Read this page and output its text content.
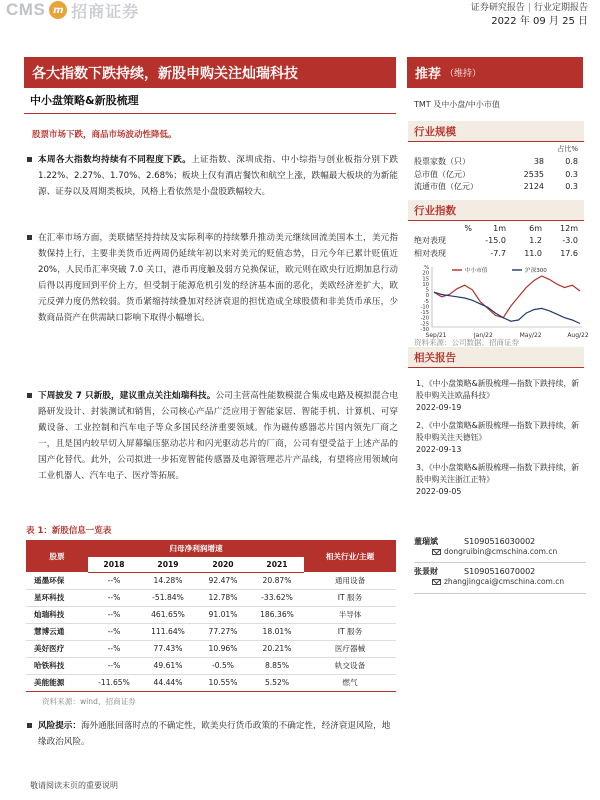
CMS m 招商证券	证券研究报告 | 行业定期报告
2022 年 09 月 25 日
各大指数下跌持续，新股申购关注灿瑞科技	推荐 （维持）
中小盘策略&新股梳理	TMT 及中小盘/中小市值
股票市场下跌，商品市场波动性降低。
本周各大指数均持续有不同程度下跌。上证指数、深圳成指、中小综指与创业板指分别下跌 1.22%、2.27%、1.70%、2.68%；板块上仅有酒店餐饮和航空上涨，跌幅最大板块的为新能源、证券以及周期类板块，风格上看依然是小盘股跌幅较大。
在汇率市场方面，美联储坚持持续及实际利率的持续攀升推动美元继续回流美国本土，美元指数保持上行，主要非美货币近两周仍延续年初以来对美元的贬值态势，日元今年已累计贬值近 20%，人民币汇率突破 7.0 关口，港币再度触及弱方兑换保证，欧元则在欧央行近期加息行动后得以再度回到平价上方，但受制于能源危机引发的经济基本面的恶化，美欧经济差扩大，欧元反弹力度仍然较弱。货币紧缩持续叠加对经济衰退的担忧造成全球股债和非美货币承压，少数商品资产在供需缺口影响下取得小幅增长。
下周披发 7 只新股，建议重点关注灿瑞科技。公司主营高性能数模混合集成电路及模拟混合电路研发设计、封装测试和销售，公司核心产品广泛应用于智能家居、智能手机、计算机、可穿戴设备、工业控制和汽车电子等众多国民经济重要领域。作为磁传感器芯片国内领先厂商之一，且是国内较早切入屏幕编压驱动芯片和闪光驱动芯片的厂商，公司有望受益于上述产品的国产化替代。此外，公司拟进一步拓宽智能传感器及电源管理芯片产品线，有望将应用领域向工业机器人、汽车电子、医疗等拓展。
表 1：新股信息一览表
股票	归母净利润增速				相关行业/主题
	2018	2019	2020	2021	
遥墨环保	--%	14.28%	92.47%	20.87%	通用设备
星环科技	--%	-51.84%	12.78%	-33.62%	IT 服务
灿瑞科技	--%	461.65%	91.01%	186.36%	半导体
慧博云通	--%	111.64%	77.27%	18.01%	IT 服务
美好医疗	--%	77.43%	10.96%	20.21%	医疗器械
哈铁科技	--%	49.61%	-0.5%	8.85%	轨交设备
美能能源	-11.65%	44.44%	10.55%	5.52%	燃气
资料来源：wind、招商证券
风险提示：海外通胀回落时点的不确定性，欧美央行货币政策的不确定性，经济衰退风险，地缘政治风险。
敬请阅读末页的重要说明
行业规模
		占比%
股票家数（只）	38	0.8
总市值（亿元）	2535	0.3
流通市值（亿元）	2124	0.3
行业指数
%	1m	6m	12m
绝对表现	-15.0	1.2	-3.0
相对表现	-7.7	11.0	17.6
%
20
15
10
5
0
-5
-10
-15
-20
-25
-30
Sep/21	Jan/22	May/22	Aug/22
中小市值	沪深300
资料来源：公司数据、招商证券
相关报告
1、《中小盘策略&新股梳理—指数下跌持续，新股申购关注欧晶科技》
2022-09-19
2、《中小盘策略&新股梳理—指数下跌持续，新股申购关注天德钰》
2022-09-13
3、《中小盘策略&新股梳理—指数下跌持续，新股申购关注浙江正特》
2022-09-05
董瑞斌	S1090516030002
dongruibin@cmschina.com.cn
张景财	S1090516070002
zhangjingcai@cmschina.com.cn
